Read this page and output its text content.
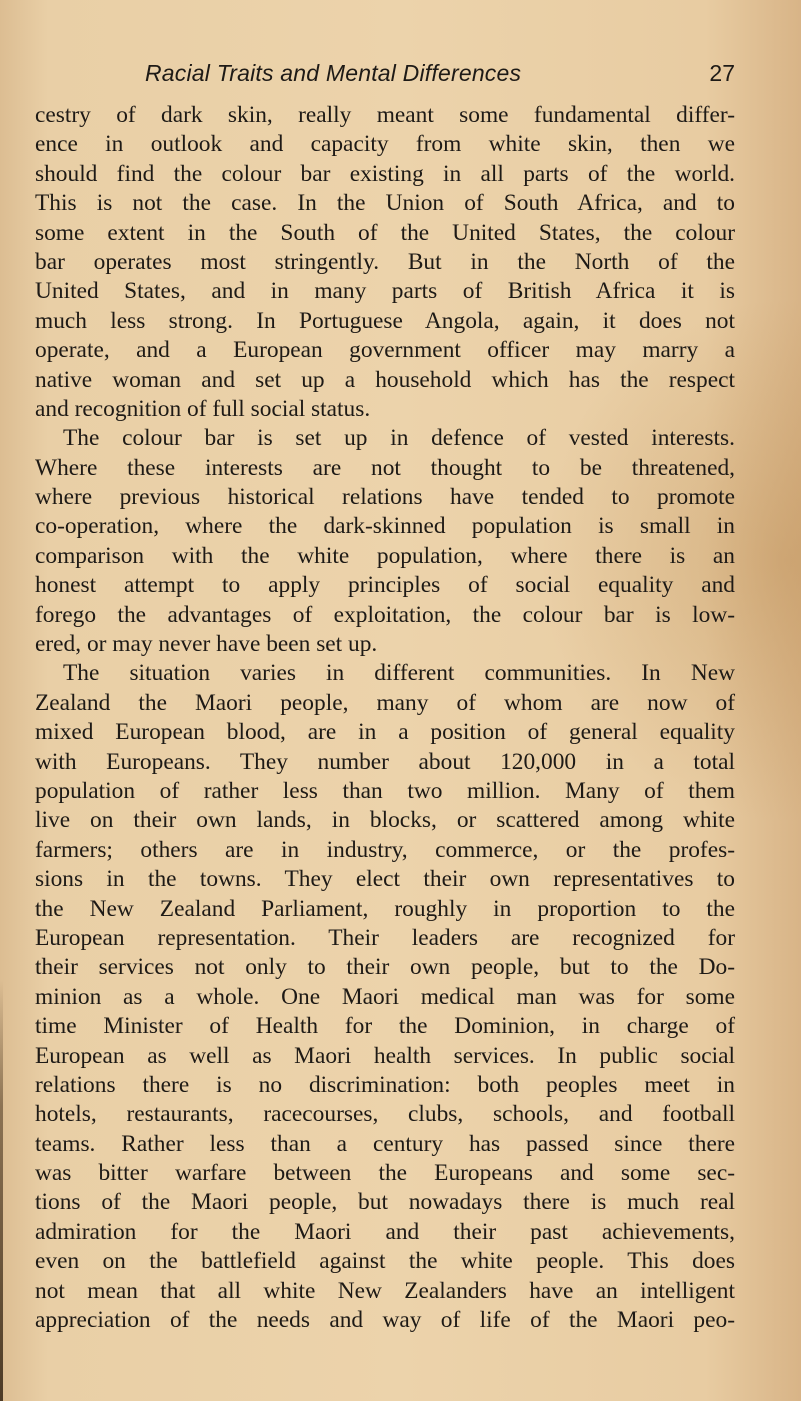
Racial Traits and Mental Differences	27
cestry of dark skin, really meant some fundamental differ-
ence in outlook and capacity from white skin, then we
should find the colour bar existing in all parts of the world.
This is not the case. In the Union of South Africa, and to
some extent in the South of the United States, the colour
bar operates most stringently. But in the North of the
United States, and in many parts of British Africa it is
much less strong. In Portuguese Angola, again, it does not
operate, and a European government officer may marry a
native woman and set up a household which has the respect
and recognition of full social status.
The colour bar is set up in defence of vested interests.
Where these interests are not thought to be threatened,
where previous historical relations have tended to promote
co-operation, where the dark-skinned population is small in
comparison with the white population, where there is an
honest attempt to apply principles of social equality and
forego the advantages of exploitation, the colour bar is low-
ered, or may never have been set up.
The situation varies in different communities. In New
Zealand the Maori people, many of whom are now of
mixed European blood, are in a position of general equality
with Europeans. They number about 120,000 in a total
population of rather less than two million. Many of them
live on their own lands, in blocks, or scattered among white
farmers; others are in industry, commerce, or the profes-
sions in the towns. They elect their own representatives to
the New Zealand Parliament, roughly in proportion to the
European representation. Their leaders are recognized for
their services not only to their own people, but to the Do-
minion as a whole. One Maori medical man was for some
time Minister of Health for the Dominion, in charge of
European as well as Maori health services. In public social
relations there is no discrimination: both peoples meet in
hotels, restaurants, racecourses, clubs, schools, and football
teams. Rather less than a century has passed since there
was bitter warfare between the Europeans and some sec-
tions of the Maori people, but nowadays there is much real
admiration for the Maori and their past achievements,
even on the battlefield against the white people. This does
not mean that all white New Zealanders have an intelligent
appreciation of the needs and way of life of the Maori peo-
